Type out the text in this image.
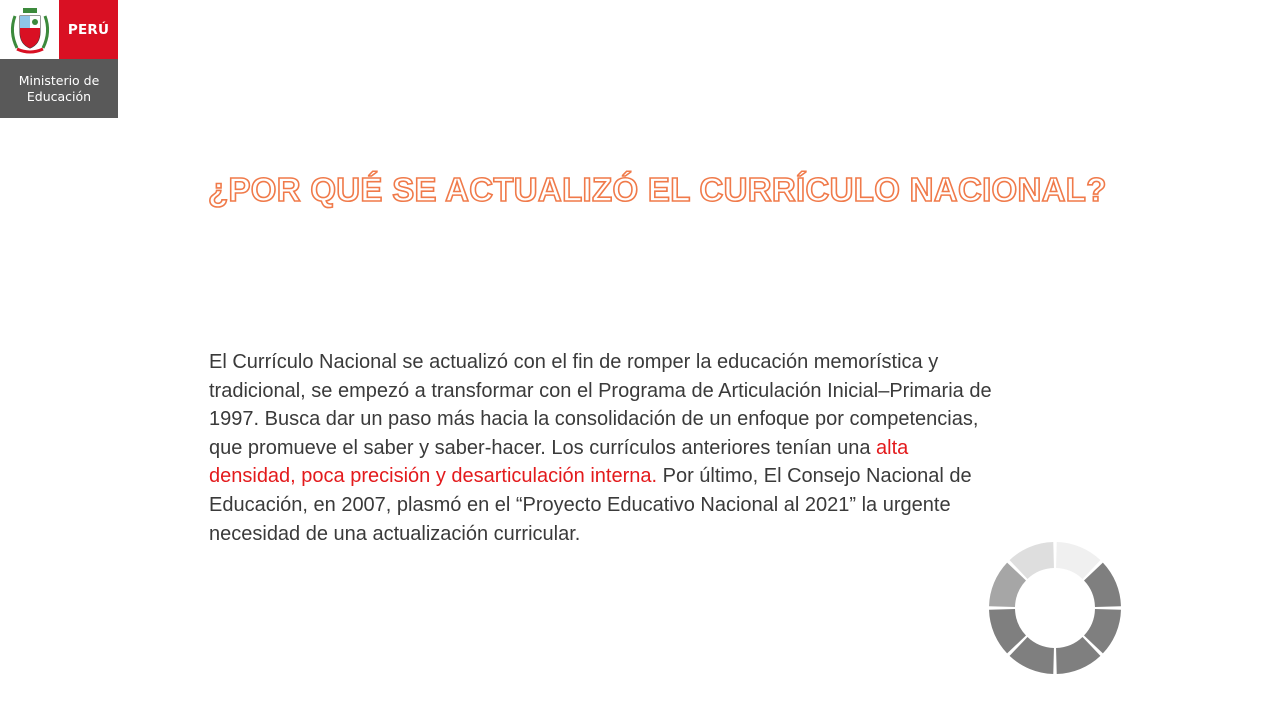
PERÚ
Ministerio de
Educación
¿POR QUÉ SE ACTUALIZÓ EL CURRÍCULO NACIONAL?

El Currículo Nacional se actualizó con el fin de romper la educación memorística y tradicional, se empezó a transformar con el Programa de Articulación Inicial–Primaria de 1997. Busca dar un paso más hacia la consolidación de un enfoque por competencias, que promueve el saber y saber-hacer. Los currículos anteriores tenían una alta densidad, poca precisión y desarticulación interna. Por último, El Consejo Nacional de Educación, en 2007, plasmó en el “Proyecto Educativo Nacional al 2021” la urgente necesidad de una actualización curricular.
